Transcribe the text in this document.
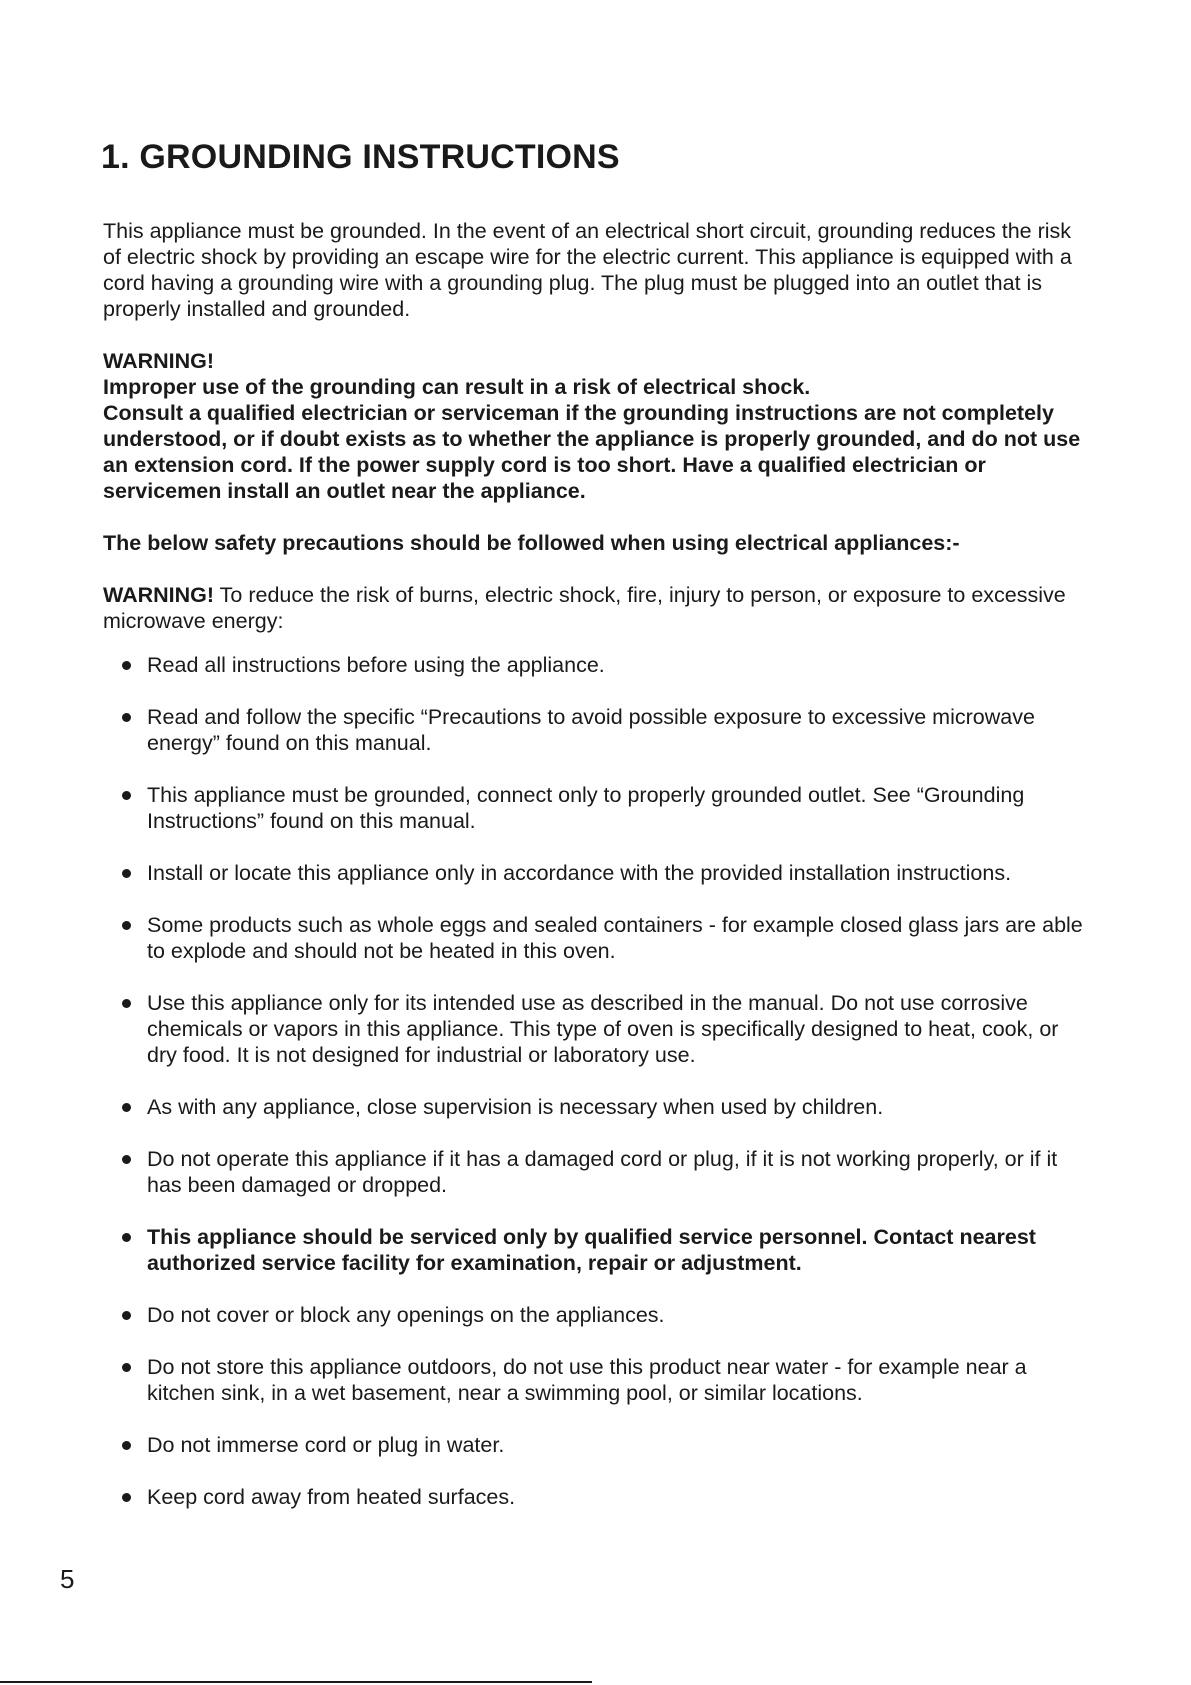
1. GROUNDING INSTRUCTIONS

This appliance must be grounded. In the event of an electrical short circuit, grounding reduces the risk of electric shock by providing an escape wire for the electric current. This appliance is equipped with a cord having a grounding wire with a grounding plug. The plug must be plugged into an outlet that is properly installed and grounded.

WARNING!
Improper use of the grounding can result in a risk of electrical shock.
Consult a qualified electrician or serviceman if the grounding instructions are not completely understood, or if doubt exists as to whether the appliance is properly grounded, and do not use an extension cord. If the power supply cord is too short. Have a qualified electrician or servicemen install an outlet near the appliance.

The below safety precautions should be followed when using electrical appliances:-

WARNING! To reduce the risk of burns, electric shock, fire, injury to person, or exposure to excessive microwave energy:

Read all instructions before using the appliance.
Read and follow the specific “Precautions to avoid possible exposure to excessive microwave energy” found on this manual.
This appliance must be grounded, connect only to properly grounded outlet. See “Grounding Instructions” found on this manual.
Install or locate this appliance only in accordance with the provided installation instructions.
Some products such as whole eggs and sealed containers - for example closed glass jars are able to explode and should not be heated in this oven.
Use this appliance only for its intended use as described in the manual. Do not use corrosive chemicals or vapors in this appliance. This type of oven is specifically designed to heat, cook, or dry food. It is not designed for industrial or laboratory use.
As with any appliance, close supervision is necessary when used by children.
Do not operate this appliance if it has a damaged cord or plug, if it is not working properly, or if it has been damaged or dropped.
This appliance should be serviced only by qualified service personnel. Contact nearest authorized service facility for examination, repair or adjustment.
Do not cover or block any openings on the appliances.
Do not store this appliance outdoors, do not use this product near water - for example near a kitchen sink, in a wet basement, near a swimming pool, or similar locations.
Do not immerse cord or plug in water.
Keep cord away from heated surfaces.
5
